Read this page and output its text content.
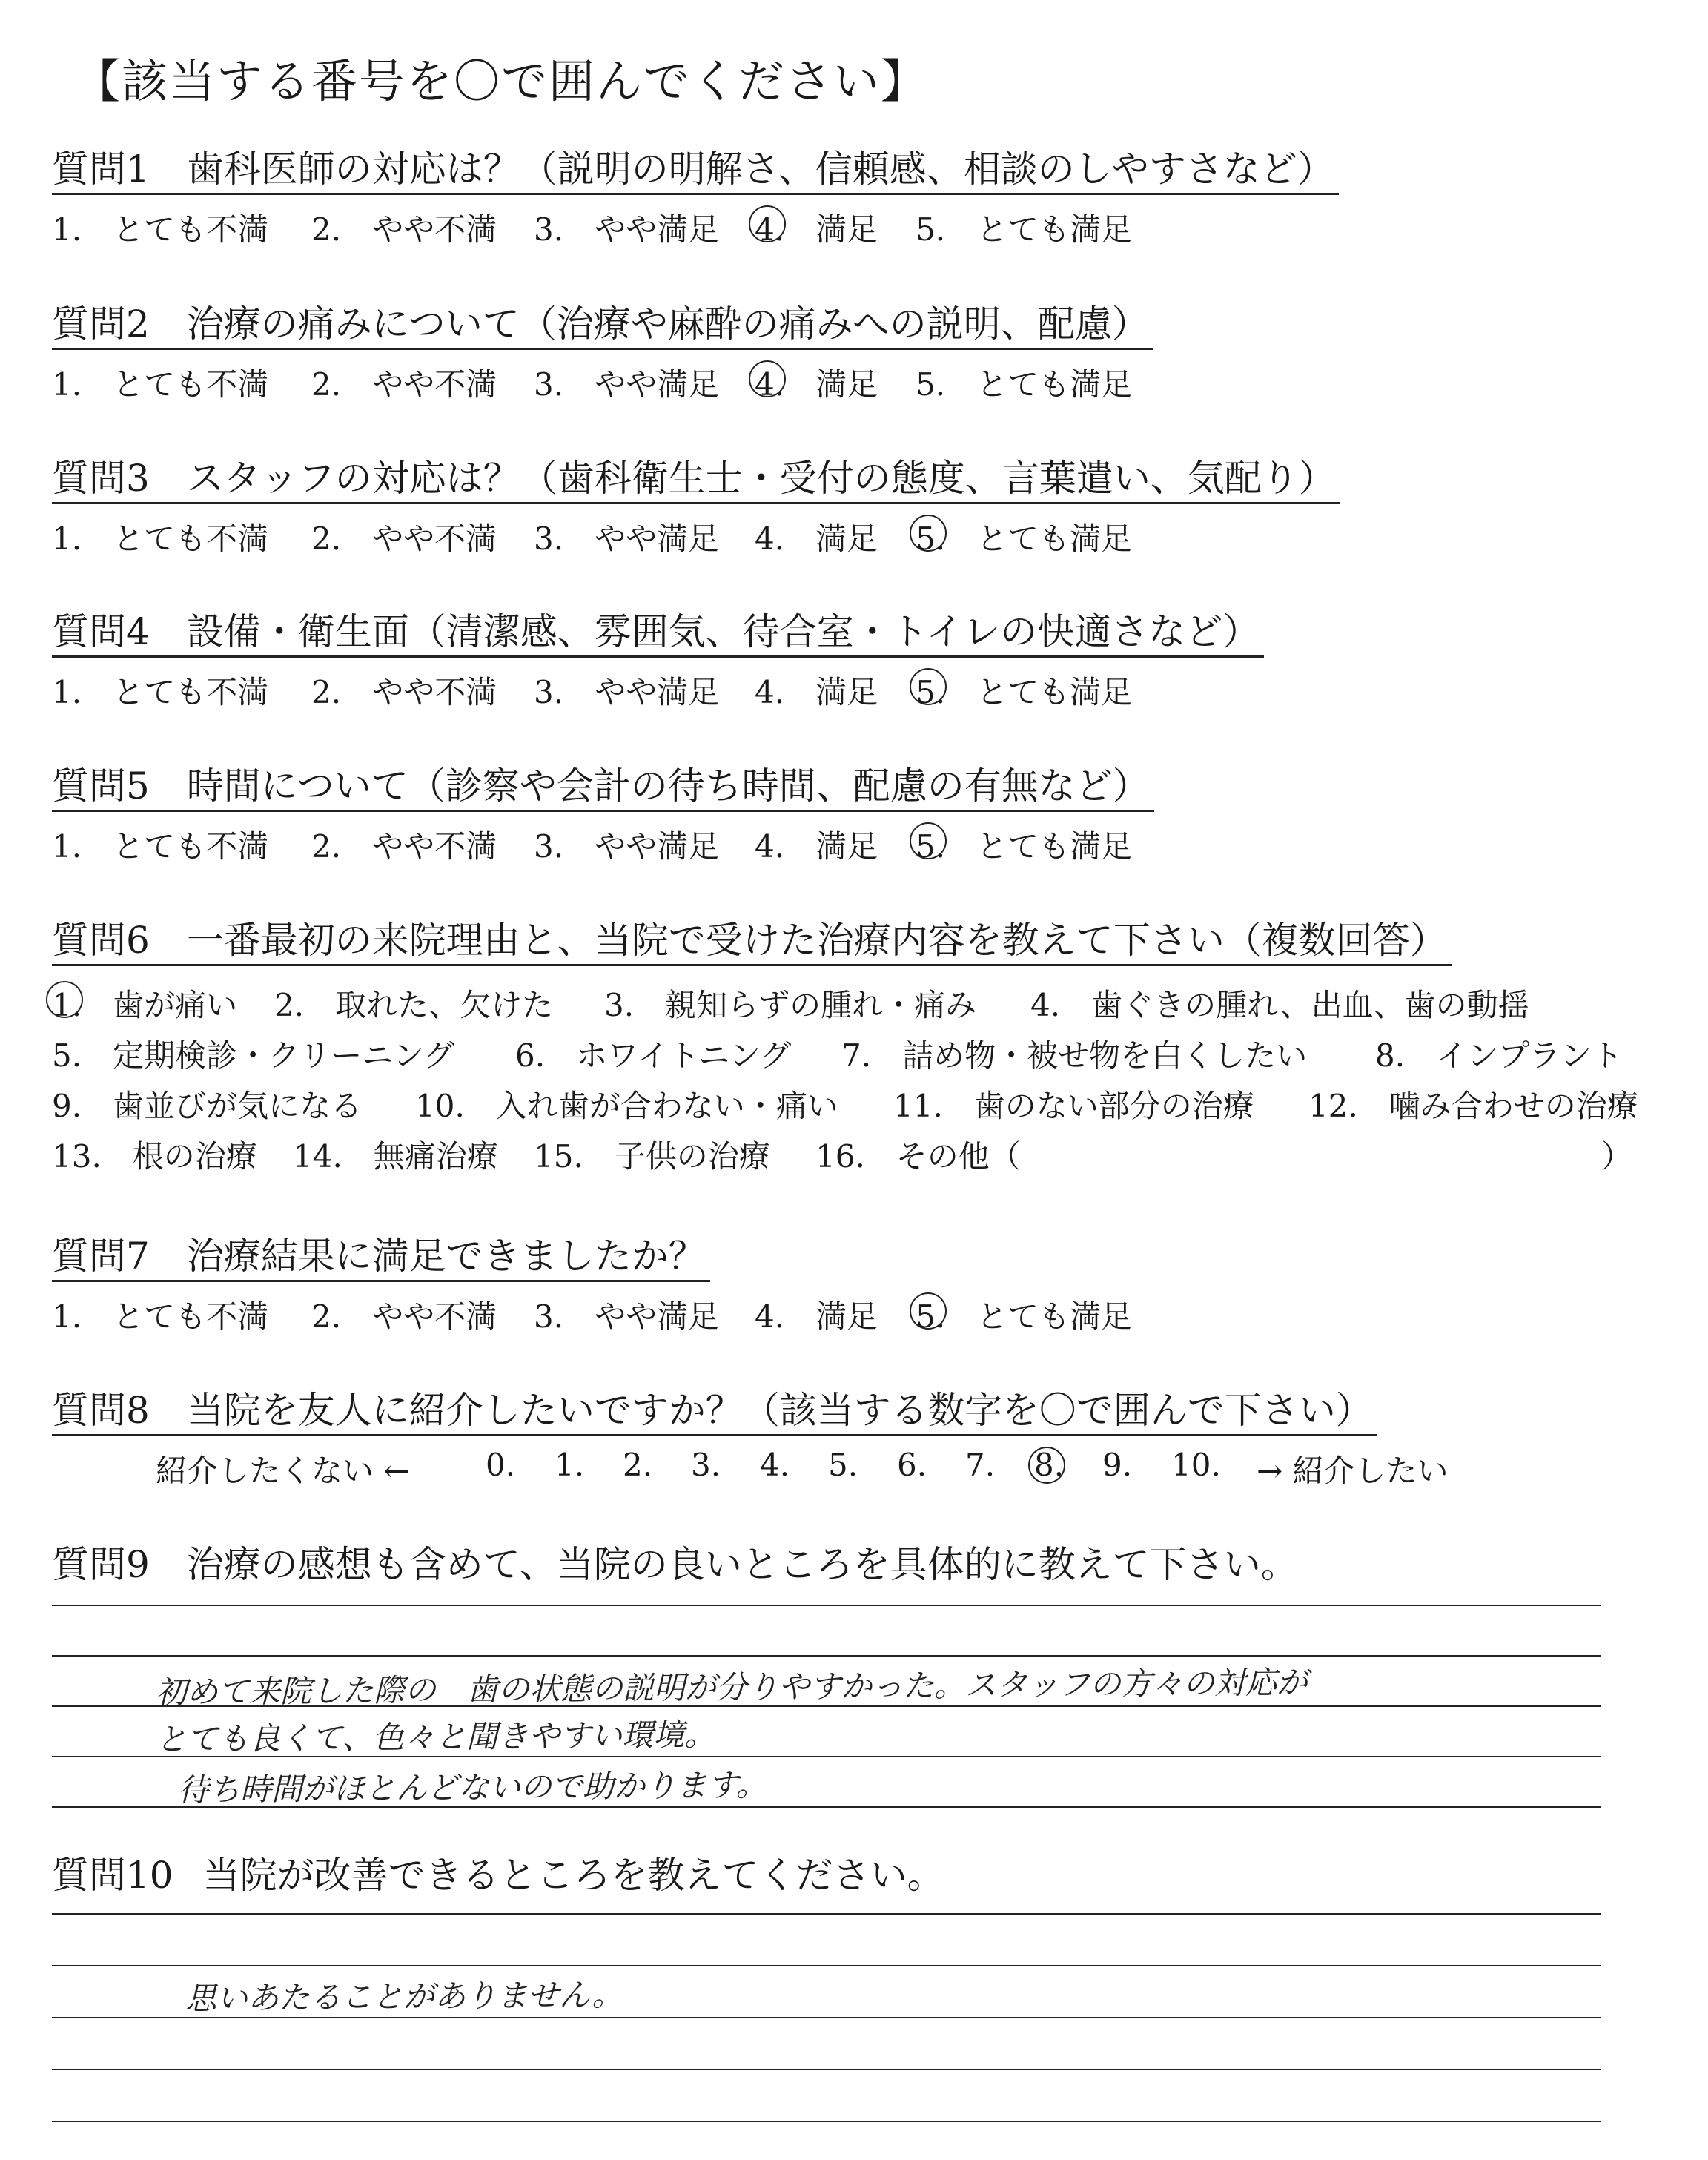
【該当する番号を〇で囲んでください】
質問1 歯科医師の対応は？（説明の明解さ、信頼感、相談のしやすさなど）
1.　とても不満 2.　やや不満 3.　やや満足 4.　満足 5.　とても満足
質問2 治療の痛みについて（治療や麻酔の痛みへの説明、配慮）
1.　とても不満 2.　やや不満 3.　やや満足 4.　満足 5.　とても満足
質問3 スタッフの対応は？（歯科衛生士・受付の態度、言葉遣い、気配り）
1.　とても不満 2.　やや不満 3.　やや満足 4.　満足 5.　とても満足
質問4 設備・衛生面（清潔感、雰囲気、待合室・トイレの快適さなど）
1.　とても不満 2.　やや不満 3.　やや満足 4.　満足 5.　とても満足
質問5 時間について（診察や会計の待ち時間、配慮の有無など）
1.　とても不満 2.　やや不満 3.　やや満足 4.　満足 5.　とても満足
質問6 一番最初の来院理由と、当院で受けた治療内容を教えて下さい（複数回答）
1.　歯が痛い 2.　取れた、欠けた 3.　親知らずの腫れ・痛み 4.　歯ぐきの腫れ、出血、歯の動揺
5.　定期検診・クリーニング 6.　ホワイトニング 7.　詰め物・被せ物を白くしたい 8.　インプラント
9.　歯並びが気になる 10.　入れ歯が合わない・痛い 11.　歯のない部分の治療 12.　噛み合わせの治療
13.　根の治療 14.　無痛治療 15.　子供の治療 16.　その他（	）
質問7 治療結果に満足できましたか？
1.　とても不満 2.　やや不満 3.　やや満足 4.　満足 5.　とても満足
質問8 当院を友人に紹介したいですか？（該当する数字を〇で囲んで下さい）
紹介したくない ← 0. 1. 2. 3. 4. 5. 6. 7. 8. 9. 10. → 紹介したい
質問9 治療の感想も含めて、当院の良いところを具体的に教えて下さい。
初めて来院した際の　歯の状態の説明が分りやすかった。スタッフの方々の対応が
とても良くて、色々と聞きやすい環境。
待ち時間がほとんどないので助かります。
質問10 当院が改善できるところを教えてください。
思いあたることがありません。
